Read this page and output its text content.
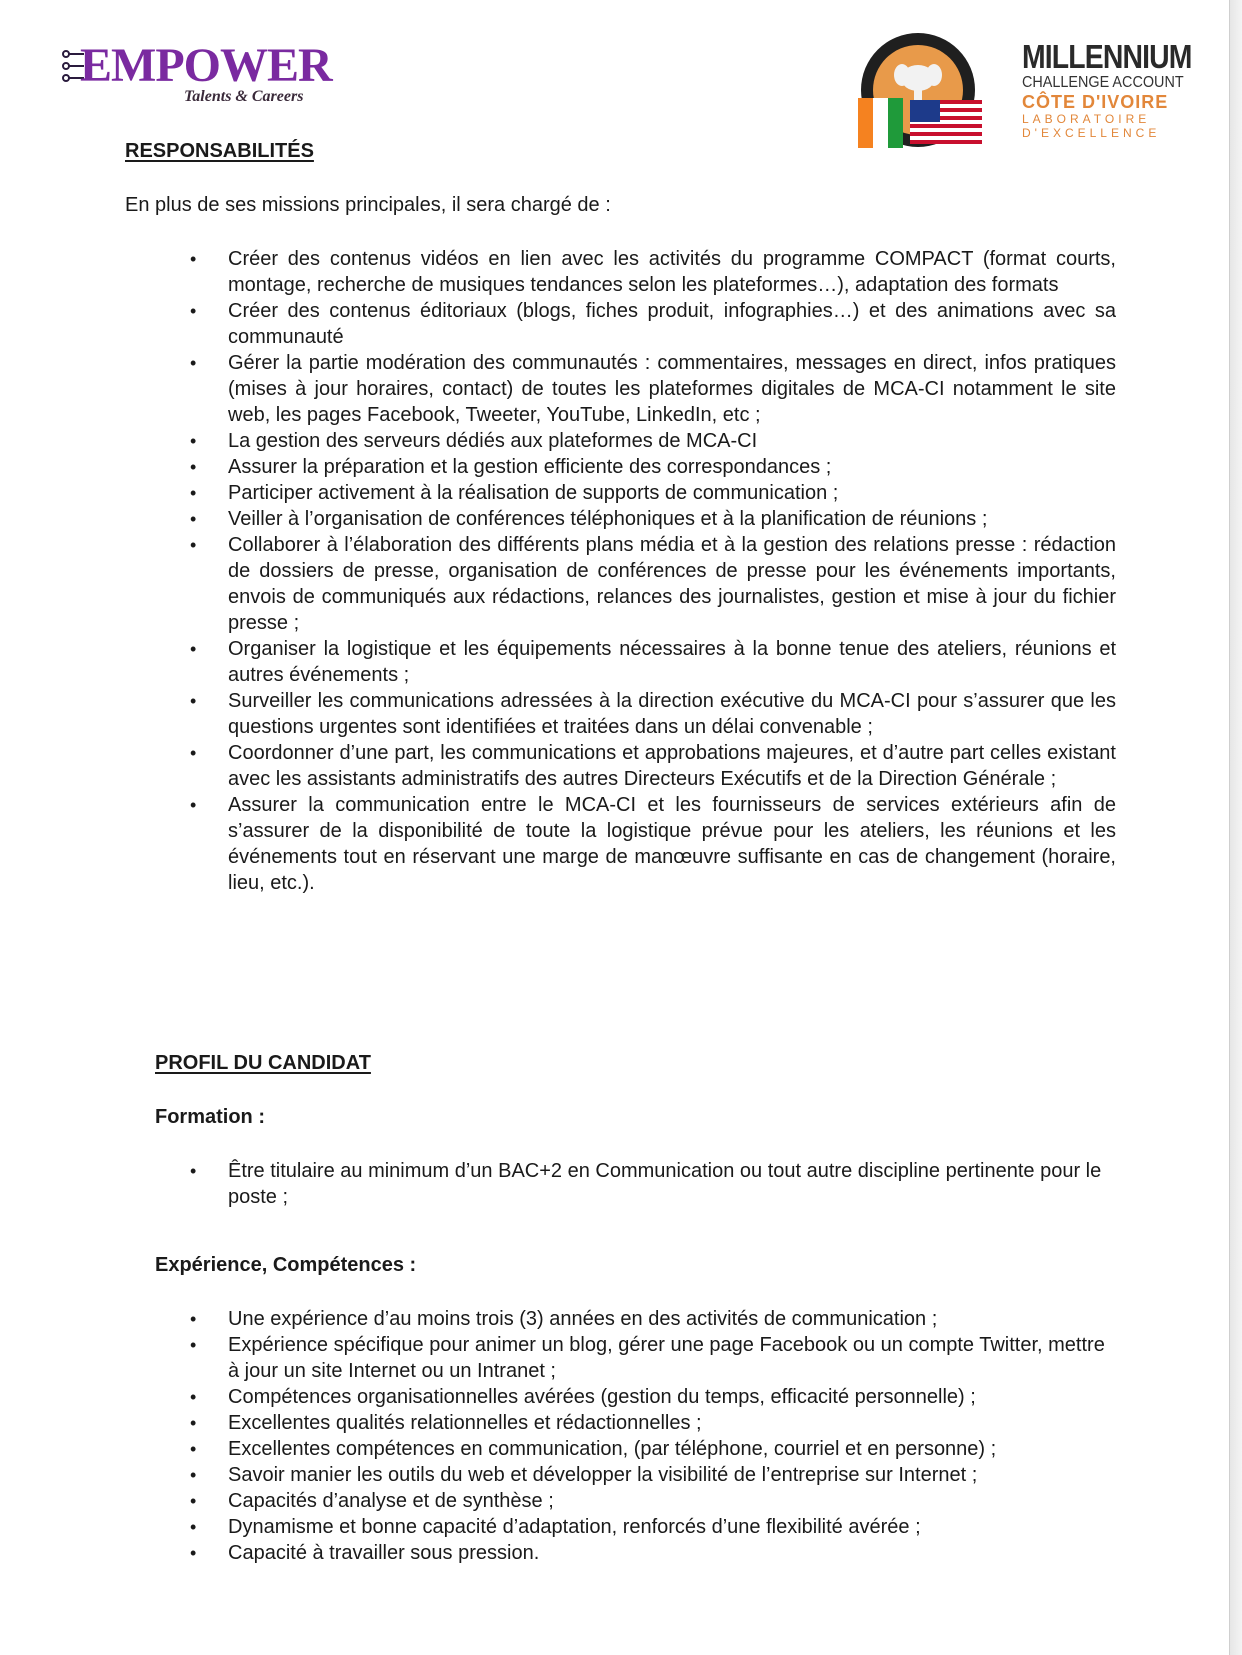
EMPOWER
Talents & Careers
MILLENNIUM
CHALLENGE ACCOUNT
CÔTE D'IVOIRE
LABORATOIRE
D'EXCELLENCE
RESPONSABILITÉS
En plus de ses missions principales, il sera chargé de :
• Créer des contenus vidéos en lien avec les activités du programme COMPACT (format courts, montage, recherche de musiques tendances selon les plateformes…), adaptation des formats
• Créer des contenus éditoriaux (blogs, fiches produit, infographies…) et des animations avec sa communauté
• Gérer la partie modération des communautés : commentaires, messages en direct, infos pratiques (mises à jour horaires, contact) de toutes les plateformes digitales de MCA-CI notamment le site web, les pages Facebook, Tweeter, YouTube, LinkedIn, etc ;
• La gestion des serveurs dédiés aux plateformes de MCA-CI
• Assurer la préparation et la gestion efficiente des correspondances ;
• Participer activement à la réalisation de supports de communication ;
• Veiller à l’organisation de conférences téléphoniques et à la planification de réunions ;
• Collaborer à l’élaboration des différents plans média et à la gestion des relations presse : rédaction de dossiers de presse, organisation de conférences de presse pour les événements importants, envois de communiqués aux rédactions, relances des journalistes, gestion et mise à jour du fichier presse ;
• Organiser la logistique et les équipements nécessaires à la bonne tenue des ateliers, réunions et autres événements ;
• Surveiller les communications adressées à la direction exécutive du MCA-CI pour s’assurer que les questions urgentes sont identifiées et traitées dans un délai convenable ;
• Coordonner d’une part, les communications et approbations majeures, et d’autre part celles existant avec les assistants administratifs des autres Directeurs Exécutifs et de la Direction Générale ;
• Assurer la communication entre le MCA-CI et les fournisseurs de services extérieurs afin de s’assurer de la disponibilité de toute la logistique prévue pour les ateliers, les réunions et les événements tout en réservant une marge de manœuvre suffisante en cas de changement (horaire, lieu, etc.).
PROFIL DU CANDIDAT
Formation :
• Être titulaire au minimum d’un BAC+2 en Communication ou tout autre discipline pertinente pour le poste ;
Expérience, Compétences :
• Une expérience d’au moins trois (3) années en des activités de communication ;
• Expérience spécifique pour animer un blog, gérer une page Facebook ou un compte Twitter, mettre à jour un site Internet ou un Intranet ;
• Compétences organisationnelles avérées (gestion du temps, efficacité personnelle) ;
• Excellentes qualités relationnelles et rédactionnelles ;
• Excellentes compétences en communication, (par téléphone, courriel et en personne) ;
• Savoir manier les outils du web et développer la visibilité de l’entreprise sur Internet ;
• Capacités d’analyse et de synthèse ;
• Dynamisme et bonne capacité d’adaptation, renforcés d’une flexibilité avérée ;
• Capacité à travailler sous pression.
